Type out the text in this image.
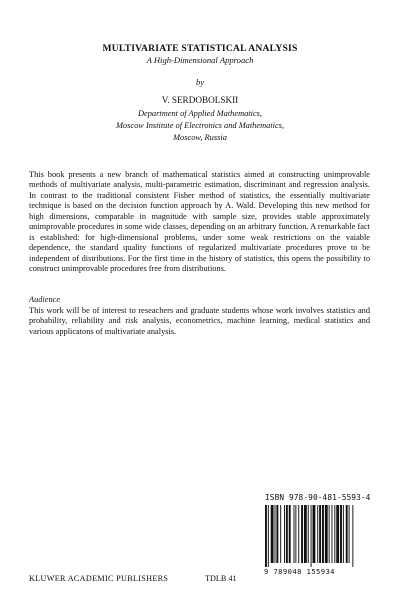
MULTIVARIATE STATISTICAL ANALYSIS
A High-Dimensional Approach
by
V. SERDOBOLSKII
Department of Applied Mathematics,
Moscow Institute of Electronics and Mathematics,
Moscow, Russia

This book presents a new branch of mathematical statistics aimed at constructing unimprovable methods of multivariate analysis, multi-parametric estimation, discriminant and regression analysis. In contrast to the traditional consistent Fisher method of statistics, the essentially multivariate technique is based on the decision function approach by A. Wald. Developing this new method for high dimensions, comparable in magnitude with sample size, provides stable approximately unimprovable procedures in some wide classes, depending on an arbitrary function. A remarkable fact is established: for high-dimensional problems, under some weak restrictions on the vaiable dependence, the standard quality functions of regularized multivariate procedures prove to be independent of distributions. For the first time in the history of statistics, this opens the possibility to construct unimprovable procedures free from distributions.

Audience

This work will be of interest to reseachers and graduate students whose work involves statistics and probability, reliability and risk analysis, econometrics, machine learning, medical statistics and various applicatons of multivariate analysis.

ISBN 978-90-481-5593-4
9 789048 155934
KLUWER ACADEMIC PUBLISHERS	TDLB 41
